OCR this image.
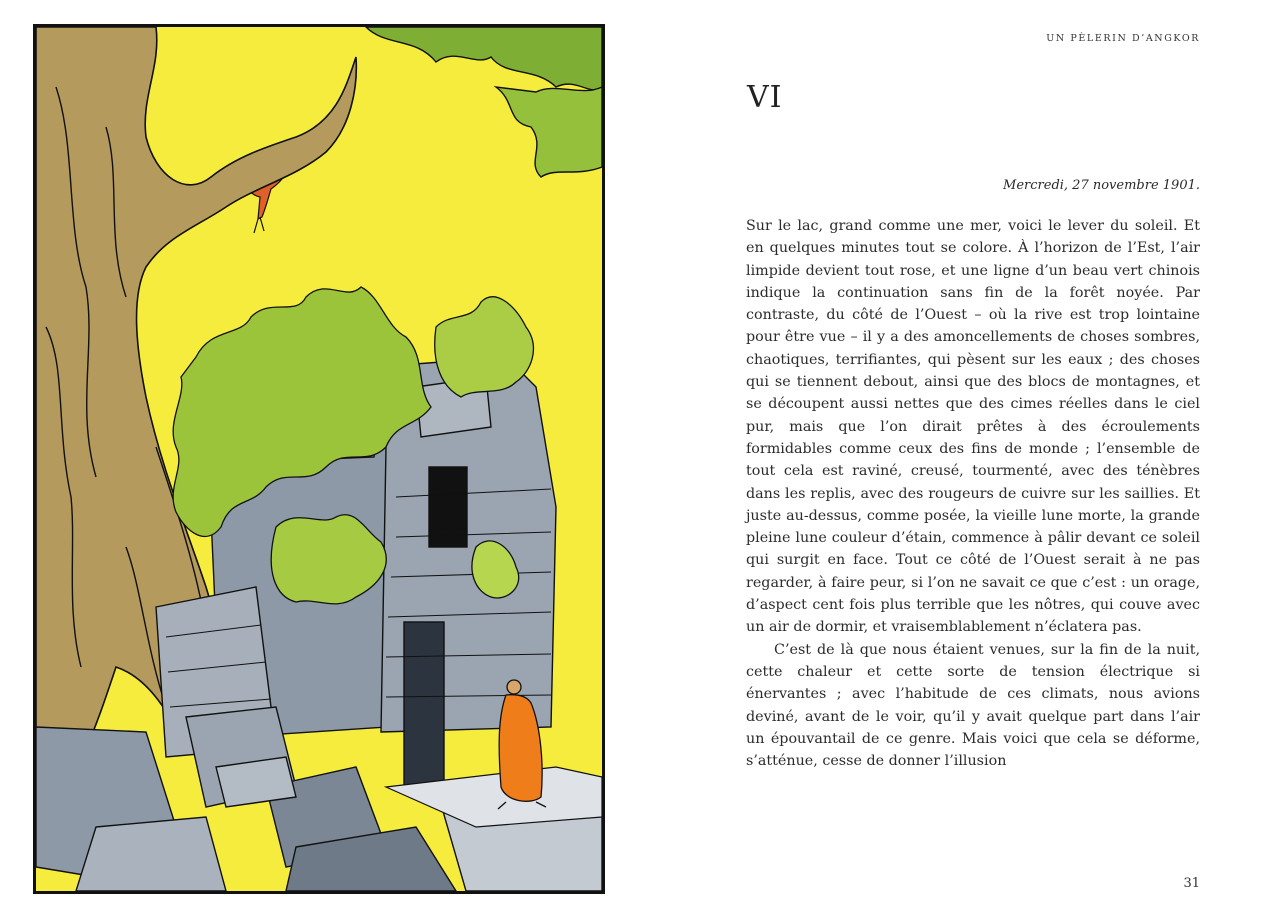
UN PÈLERIN D’ANGKOR
VI
Mercredi, 27 novembre 1901.

Sur le lac, grand comme une mer, voici le lever du soleil. Et en quelques minutes tout se colore. À l’horizon de l’Est, l’air limpide devient tout rose, et une ligne d’un beau vert chinois indique la continuation sans fin de la forêt noyée. Par contraste, du côté de l’Ouest – où la rive est trop lointaine pour être vue – il y a des amoncellements de choses sombres, chaotiques, terrifiantes, qui pèsent sur les eaux ; des choses qui se tiennent debout, ainsi que des blocs de montagnes, et se découpent aussi nettes que des cimes réelles dans le ciel pur, mais que l’on dirait prêtes à des écroulements formidables comme ceux des fins de monde ; l’ensemble de tout cela est raviné, creusé, tourmenté, avec des ténèbres dans les replis, avec des rougeurs de cuivre sur les saillies. Et juste au-dessus, comme posée, la vieille lune morte, la grande pleine lune couleur d’étain, commence à pâlir devant ce soleil qui surgit en face. Tout ce côté de l’Ouest serait à ne pas regarder, à faire peur, si l’on ne savait ce que c’est : un orage, d’aspect cent fois plus terrible que les nôtres, qui couve avec un air de dormir, et vraisemblablement n’éclatera pas.

C’est de là que nous étaient venues, sur la fin de la nuit, cette chaleur et cette sorte de tension électrique si énervantes ; avec l’habitude de ces climats, nous avions deviné, avant de le voir, qu’il y avait quelque part dans l’air un épouvantail de ce genre. Mais voici que cela se déforme, s’atténue, cesse de donner l’illusion

31
